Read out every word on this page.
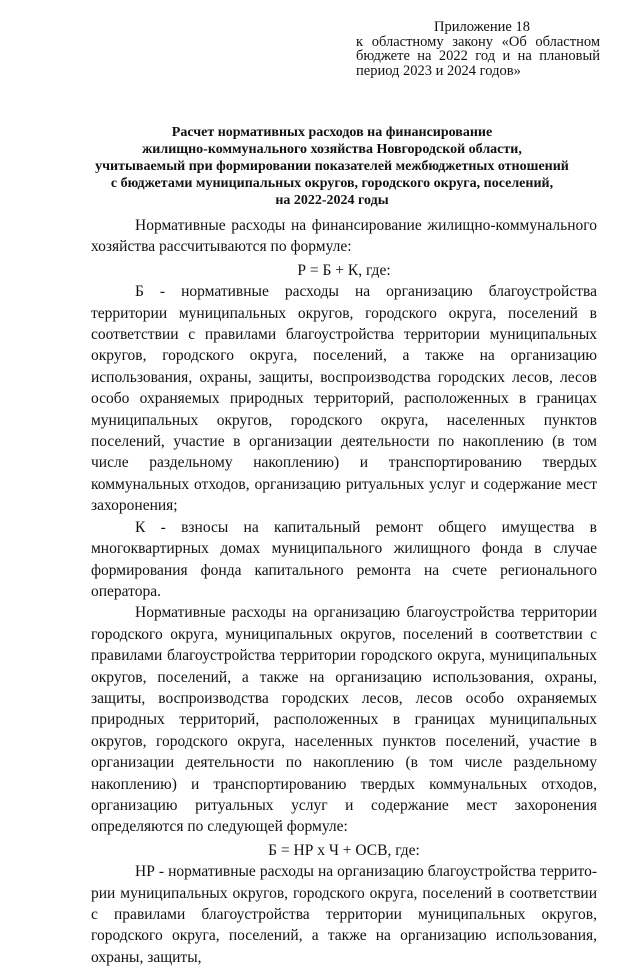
Приложение 18
к областному закону «Об областном бюджете на 2022 год и на плановый период 2023 и 2024 годов»
Расчет нормативных расходов на финансирование
жилищно-коммунального хозяйства Новгородской области,
учитываемый при формировании показателей межбюджетных отношений
с бюджетами муниципальных округов, городского округа, поселений,
на 2022-2024 годы

Нормативные расходы на финансирование жилищно-коммунального хозяйства рассчитываются по формуле:

Р = Б + К, где:

Б - нормативные расходы на организацию благоустройства территории муниципальных округов, городского округа, поселений в соответствии с правилами благоустройства территории муниципальных округов, городского округа, поселений, а также на организацию использования, охраны, защиты, воспроизводства городских лесов, лесов особо охраняемых природных территорий, расположенных в границах муниципальных округов, городского округа, населенных пунктов поселений, участие в организации деятельности по накоплению (в том числе раздельному накоплению) и транспортированию твердых коммунальных отходов, организацию ритуальных услуг и содержание мест захоронения;

К - взносы на капитальный ремонт общего имущества в многоквартирных домах муниципального жилищного фонда в случае формирования фонда капитального ремонта на счете регионального оператора.

Нормативные расходы на организацию благоустройства территории городского округа, муниципальных округов, поселений в соответствии с правилами благоустройства территории городского округа, муниципальных округов, поселений, а также на организацию использования, охраны, защиты, воспроизводства городских лесов, лесов особо охраняемых природных территорий, расположенных в границах муниципальных округов, городского округа, населенных пунктов поселений, участие в организации деятельности по накоплению (в том числе раздельному накоплению) и транспортированию твердых коммунальных отходов, организацию ритуальных услуг и содержание мест захоронения определяются по следующей формуле:

Б = НР х Ч + ОСВ, где:

НР - нормативные расходы на организацию благоустройства территории муниципальных округов, городского округа, поселений в соответствии с правилами благоустройства территории муниципальных округов, городского округа, поселений, а также на организацию использования, охраны, защиты,
